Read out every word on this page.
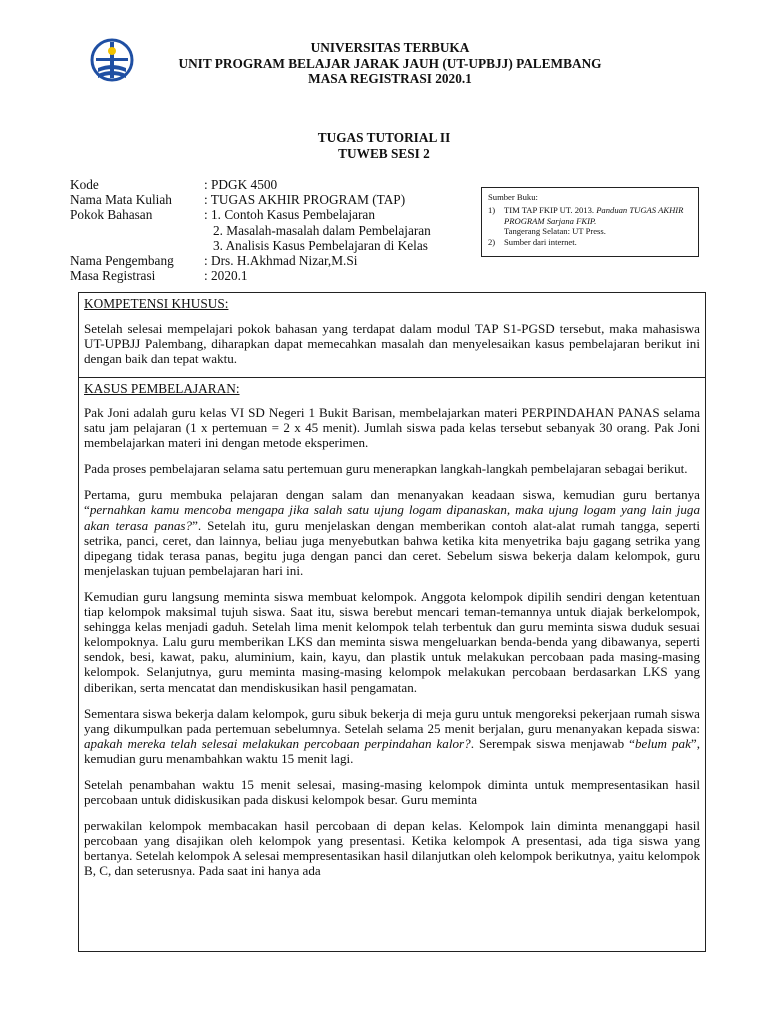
UNIVERSITAS TERBUKA
UNIT PROGRAM BELAJAR JARAK JAUH (UT-UPBJJ) PALEMBANG
MASA REGISTRASI 2020.1
TUGAS TUTORIAL II
TUWEB SESI 2
Kode	: PDGK 4500
Nama Mata Kuliah	: TUGAS AKHIR PROGRAM (TAP)
Pokok Bahasan	: 1. Contoh Kasus Pembelajaran
2. Masalah-masalah dalam Pembelajaran
3. Analisis Kasus Pembelajaran di Kelas
Nama Pengembang	: Drs. H.Akhmad Nizar,M.Si
Masa Registrasi	: 2020.1
Sumber Buku:
1)	TIM TAP FKIP UT. 2013. Panduan TUGAS AKHIR PROGRAM Sarjana FKIP.
Tangerang Selatan: UT Press.
2)	Sumber dari internet.
KOMPETENSI KHUSUS:
Setelah selesai mempelajari pokok bahasan yang terdapat dalam modul TAP S1-PGSD tersebut, maka mahasiswa UT-UPBJJ Palembang, diharapkan dapat memecahkan masalah dan menyelesaikan kasus pembelajaran berikut ini dengan baik dan tepat waktu.
KASUS PEMBELAJARAN:
Pak Joni adalah guru kelas VI SD Negeri 1 Bukit Barisan, membelajarkan materi PERPINDAHAN PANAS selama satu jam pelajaran (1 x pertemuan = 2 x 45 menit). Jumlah siswa pada kelas tersebut sebanyak 30 orang. Pak Joni membelajarkan materi ini dengan metode eksperimen.
Pada proses pembelajaran selama satu pertemuan guru menerapkan langkah-langkah pembelajaran sebagai berikut.
Pertama, guru membuka pelajaran dengan salam dan menanyakan keadaan siswa, kemudian guru bertanya “pernahkan kamu mencoba mengapa jika salah satu ujung logam dipanaskan, maka ujung logam yang lain juga akan terasa panas?”. Setelah itu, guru menjelaskan dengan memberikan contoh alat-alat rumah tangga, seperti setrika, panci, ceret, dan lainnya, beliau juga menyebutkan bahwa ketika kita menyetrika baju gagang setrika yang dipegang tidak terasa panas, begitu juga dengan panci dan ceret. Sebelum siswa bekerja dalam kelompok, guru menjelaskan tujuan pembelajaran hari ini.
Kemudian guru langsung meminta siswa membuat kelompok. Anggota kelompok dipilih sendiri dengan ketentuan tiap kelompok maksimal tujuh siswa. Saat itu, siswa berebut mencari teman-temannya untuk diajak berkelompok, sehingga kelas menjadi gaduh. Setelah lima menit kelompok telah terbentuk dan guru meminta siswa duduk sesuai kelompoknya. Lalu guru memberikan LKS dan meminta siswa mengeluarkan benda-benda yang dibawanya, seperti sendok, besi, kawat, paku, aluminium, kain, kayu, dan plastik untuk melakukan percobaan pada masing-masing kelompok. Selanjutnya, guru meminta masing-masing kelompok melakukan percobaan berdasarkan LKS yang diberikan, serta mencatat dan mendiskusikan hasil pengamatan.
Sementara siswa bekerja dalam kelompok, guru sibuk bekerja di meja guru untuk mengoreksi pekerjaan rumah siswa yang dikumpulkan pada pertemuan sebelumnya. Setelah selama 25 menit berjalan, guru menanyakan kepada siswa: apakah mereka telah selesai melakukan percobaan perpindahan kalor?. Serempak siswa menjawab “belum pak”, kemudian guru menambahkan waktu 15 menit lagi.
Setelah penambahan waktu 15 menit selesai, masing-masing kelompok diminta untuk mempresentasikan hasil percobaan untuk didiskusikan pada diskusi kelompok besar. Guru meminta
perwakilan kelompok membacakan hasil percobaan di depan kelas. Kelompok lain diminta menanggapi hasil percobaan yang disajikan oleh kelompok yang presentasi. Ketika kelompok A presentasi, ada tiga siswa yang bertanya. Setelah kelompok A selesai mempresentasikan hasil dilanjutkan oleh kelompok berikutnya, yaitu kelompok B, C, dan seterusnya. Pada saat ini hanya ada
